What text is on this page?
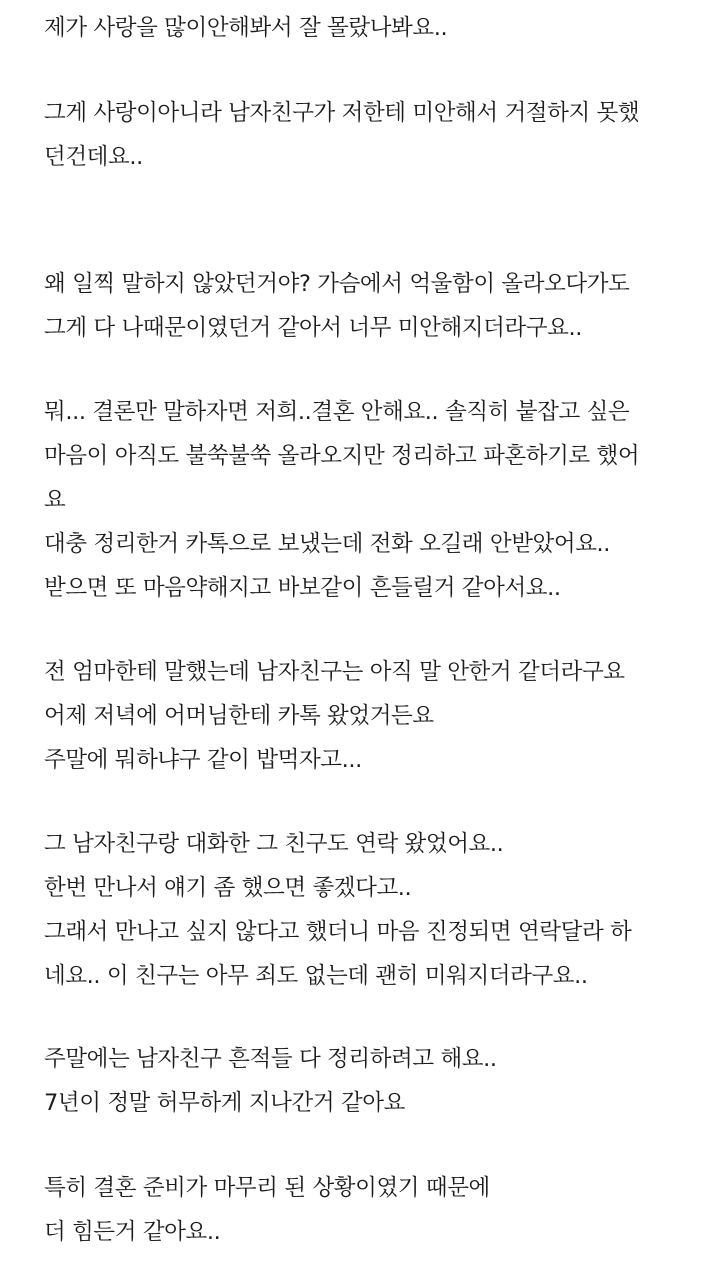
제가 사랑을 많이안해봐서 잘 몰랐나봐요..
그게 사랑이아니라 남자친구가 저한테 미안해서 거절하지 못했
던건데요..
왜 일찍 말하지 않았던거야? 가슴에서 억울함이 올라오다가도
그게 다 나때문이였던거 같아서 너무 미안해지더라구요..
뭐... 결론만 말하자면 저희..결혼 안해요.. 솔직히 붙잡고 싶은
마음이 아직도 불쑥불쑥 올라오지만 정리하고 파혼하기로 했어
요
대충 정리한거 카톡으로 보냈는데 전화 오길래 안받았어요..
받으면 또 마음약해지고 바보같이 흔들릴거 같아서요..
전 엄마한테 말했는데 남자친구는 아직 말 안한거 같더라구요
어제 저녁에 어머님한테 카톡 왔었거든요
주말에 뭐하냐구 같이 밥먹자고...
그 남자친구랑 대화한 그 친구도 연락 왔었어요..
한번 만나서 얘기 좀 했으면 좋겠다고..
그래서 만나고 싶지 않다고 했더니 마음 진정되면 연락달라 하
네요.. 이 친구는 아무 죄도 없는데 괜히 미워지더라구요..
주말에는 남자친구 흔적들 다 정리하려고 해요..
7년이 정말 허무하게 지나간거 같아요
특히 결혼 준비가 마무리 된 상황이였기 때문에
더 힘든거 같아요..
